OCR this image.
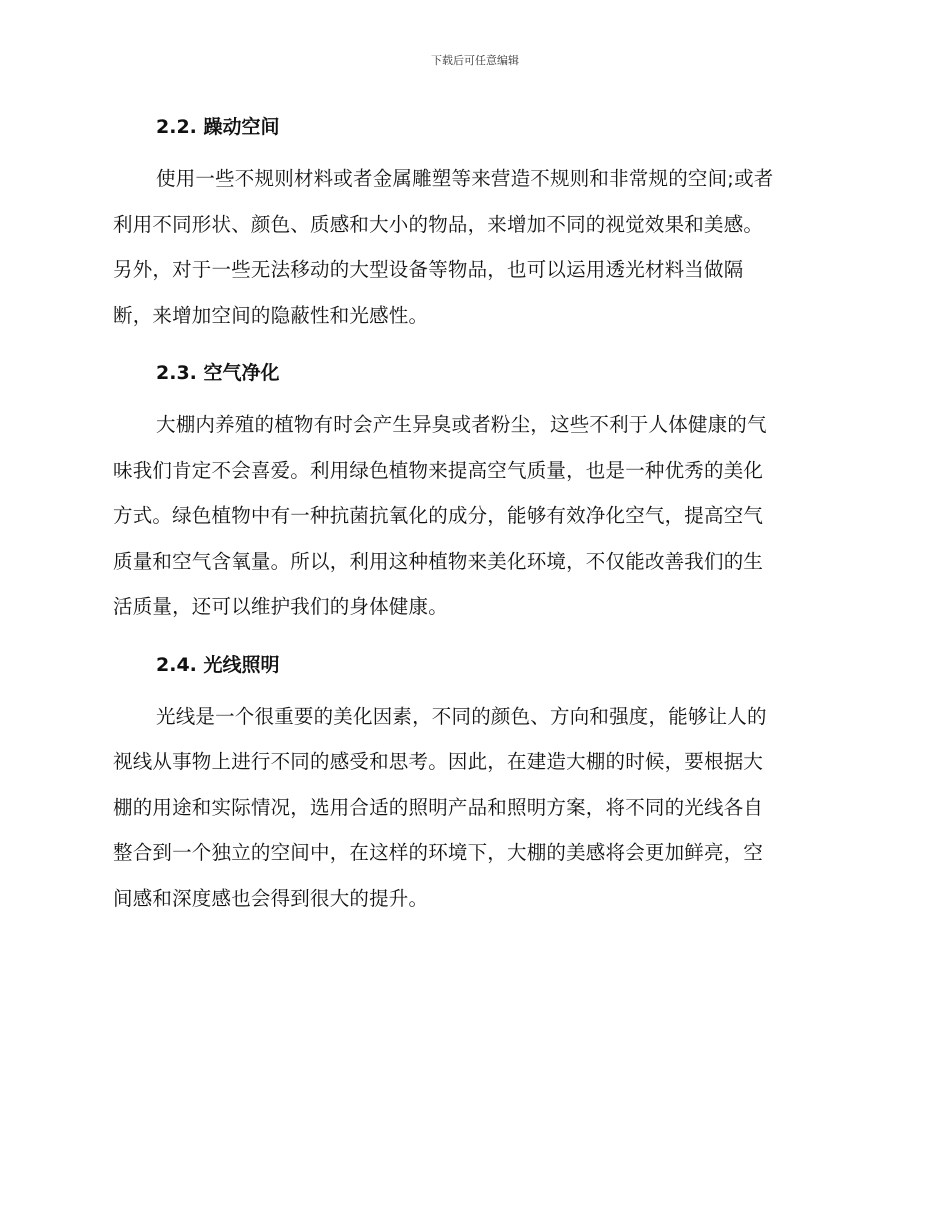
下载后可任意编辑
2.2. 躁动空间
使用一些不规则材料或者金属雕塑等来营造不规则和非常规的空间;或者
利用不同形状、颜色、质感和大小的物品，来增加不同的视觉效果和美感。
另外，对于一些无法移动的大型设备等物品，也可以运用透光材料当做隔
断，来增加空间的隐蔽性和光感性。
2.3. 空气净化
大棚内养殖的植物有时会产生异臭或者粉尘，这些不利于人体健康的气
味我们肯定不会喜爱。利用绿色植物来提高空气质量，也是一种优秀的美化
方式。绿色植物中有一种抗菌抗氧化的成分，能够有效净化空气，提高空气
质量和空气含氧量。所以，利用这种植物来美化环境，不仅能改善我们的生
活质量，还可以维护我们的身体健康。
2.4. 光线照明
光线是一个很重要的美化因素，不同的颜色、方向和强度，能够让人的
视线从事物上进行不同的感受和思考。因此，在建造大棚的时候，要根据大
棚的用途和实际情况，选用合适的照明产品和照明方案，将不同的光线各自
整合到一个独立的空间中，在这样的环境下，大棚的美感将会更加鲜亮，空
间感和深度感也会得到很大的提升。
